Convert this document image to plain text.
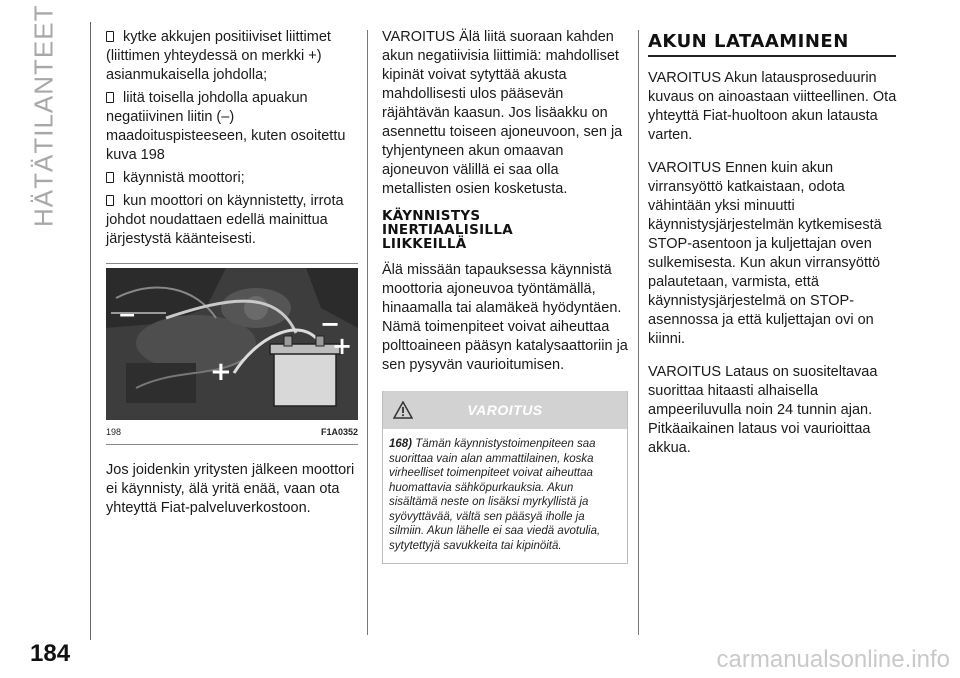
HÄTÄTILANTEET
184	carmanualsonline.info

kytke akkujen positiiviset liittimet (liittimen yhteydessä on merkki +) asianmukaisella johdolla;

liitä toisella johdolla apuakun negatiivinen liitin (–) maadoituspisteeseen, kuten osoitettu kuva 198

käynnistä moottori;

kun moottori on käynnistetty, irrota johdot noudattaen edellä mainittua järjestystä käänteisesti.

−
+
−
+
198	F1A0352

Jos joidenkin yritysten jälkeen moottori ei käynnisty, älä yritä enää, vaan ota yhteyttä Fiat-palveluverkostoon.

VAROITUS Älä liitä suoraan kahden akun negatiivisia liittimiä: mahdolliset kipinät voivat sytyttää akusta mahdollisesti ulos pääsevän räjähtävän kaasun. Jos lisäakku on asennettu toiseen ajoneuvoon, sen ja tyhjentyneen akun omaavan ajoneuvon välillä ei saa olla metallisten osien kosketusta.

KÄYNNISTYS
INERTIAALISILLA
LIIKKEILLÄ

Älä missään tapauksessa käynnistä moottoria ajoneuvoa työntämällä, hinaamalla tai alamäkeä hyödyntäen. Nämä toimenpiteet voivat aiheuttaa polttoaineen pääsyn katalysaattoriin ja sen pysyvän vaurioitumisen.

VAROITUS
168) Tämän käynnistystoimenpiteen saa suorittaa vain alan ammattilainen, koska virheelliset toimenpiteet voivat aiheuttaa huomattavia sähköpurkauksia. Akun sisältämä neste on lisäksi myrkyllistä ja syövyttävää, vältä sen pääsyä iholle ja silmiin. Akun lähelle ei saa viedä avotulia, sytytettyjä savukkeita tai kipinöitä.
AKUN LATAAMINEN

VAROITUS Akun latausproseduurin kuvaus on ainoastaan viitteellinen. Ota yhteyttä Fiat-huoltoon akun latausta varten.

VAROITUS Ennen kuin akun virransyöttö katkaistaan, odota vähintään yksi minuutti käynnistysjärjestelmän kytkemisestä STOP-asentoon ja kuljettajan oven sulkemisesta. Kun akun virransyöttö palautetaan, varmista, että käynnistysjärjestelmä on STOP-asennossa ja että kuljettajan ovi on kiinni.

VAROITUS Lataus on suositeltavaa suorittaa hitaasti alhaisella ampeeriluvulla noin 24 tunnin ajan. Pitkäaikainen lataus voi vaurioittaa akkua.
